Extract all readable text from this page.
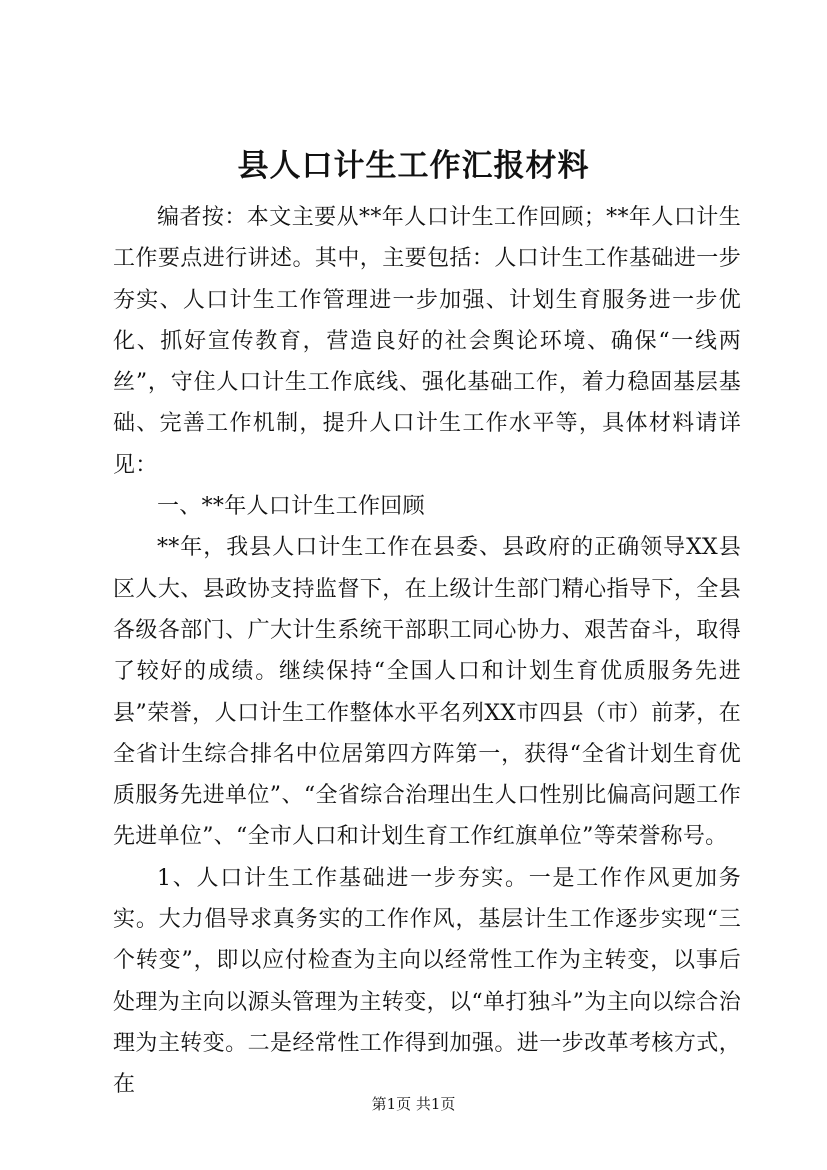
县人口计生工作汇报材料

编者按：本文主要从**年人口计生工作回顾；**年人口计生工作要点进行讲述。其中，主要包括：人口计生工作基础进一步夯实、人口计生工作管理进一步加强、计划生育服务进一步优化、抓好宣传教育，营造良好的社会舆论环境、确保“一线两丝”，守住人口计生工作底线、强化基础工作，着力稳固基层基础、完善工作机制，提升人口计生工作水平等，具体材料请详见：

一、**年人口计生工作回顾

**年，我县人口计生工作在县委、县政府的正确领导XX县区人大、县政协支持监督下，在上级计生部门精心指导下，全县各级各部门、广大计生系统干部职工同心协力、艰苦奋斗，取得了较好的成绩。继续保持“全国人口和计划生育优质服务先进县”荣誉，人口计生工作整体水平名列XX市四县（市）前茅，在全省计生综合排名中位居第四方阵第一，获得“全省计划生育优质服务先进单位”、“全省综合治理出生人口性别比偏高问题工作先进单位”、“全市人口和计划生育工作红旗单位”等荣誉称号。

1、人口计生工作基础进一步夯实。一是工作作风更加务实。大力倡导求真务实的工作作风，基层计生工作逐步实现“三个转变”，即以应付检查为主向以经常性工作为主转变，以事后处理为主向以源头管理为主转变，以“单打独斗”为主向以综合治理为主转变。二是经常性工作得到加强。进一步改革考核方式，在

第1页 共1页
